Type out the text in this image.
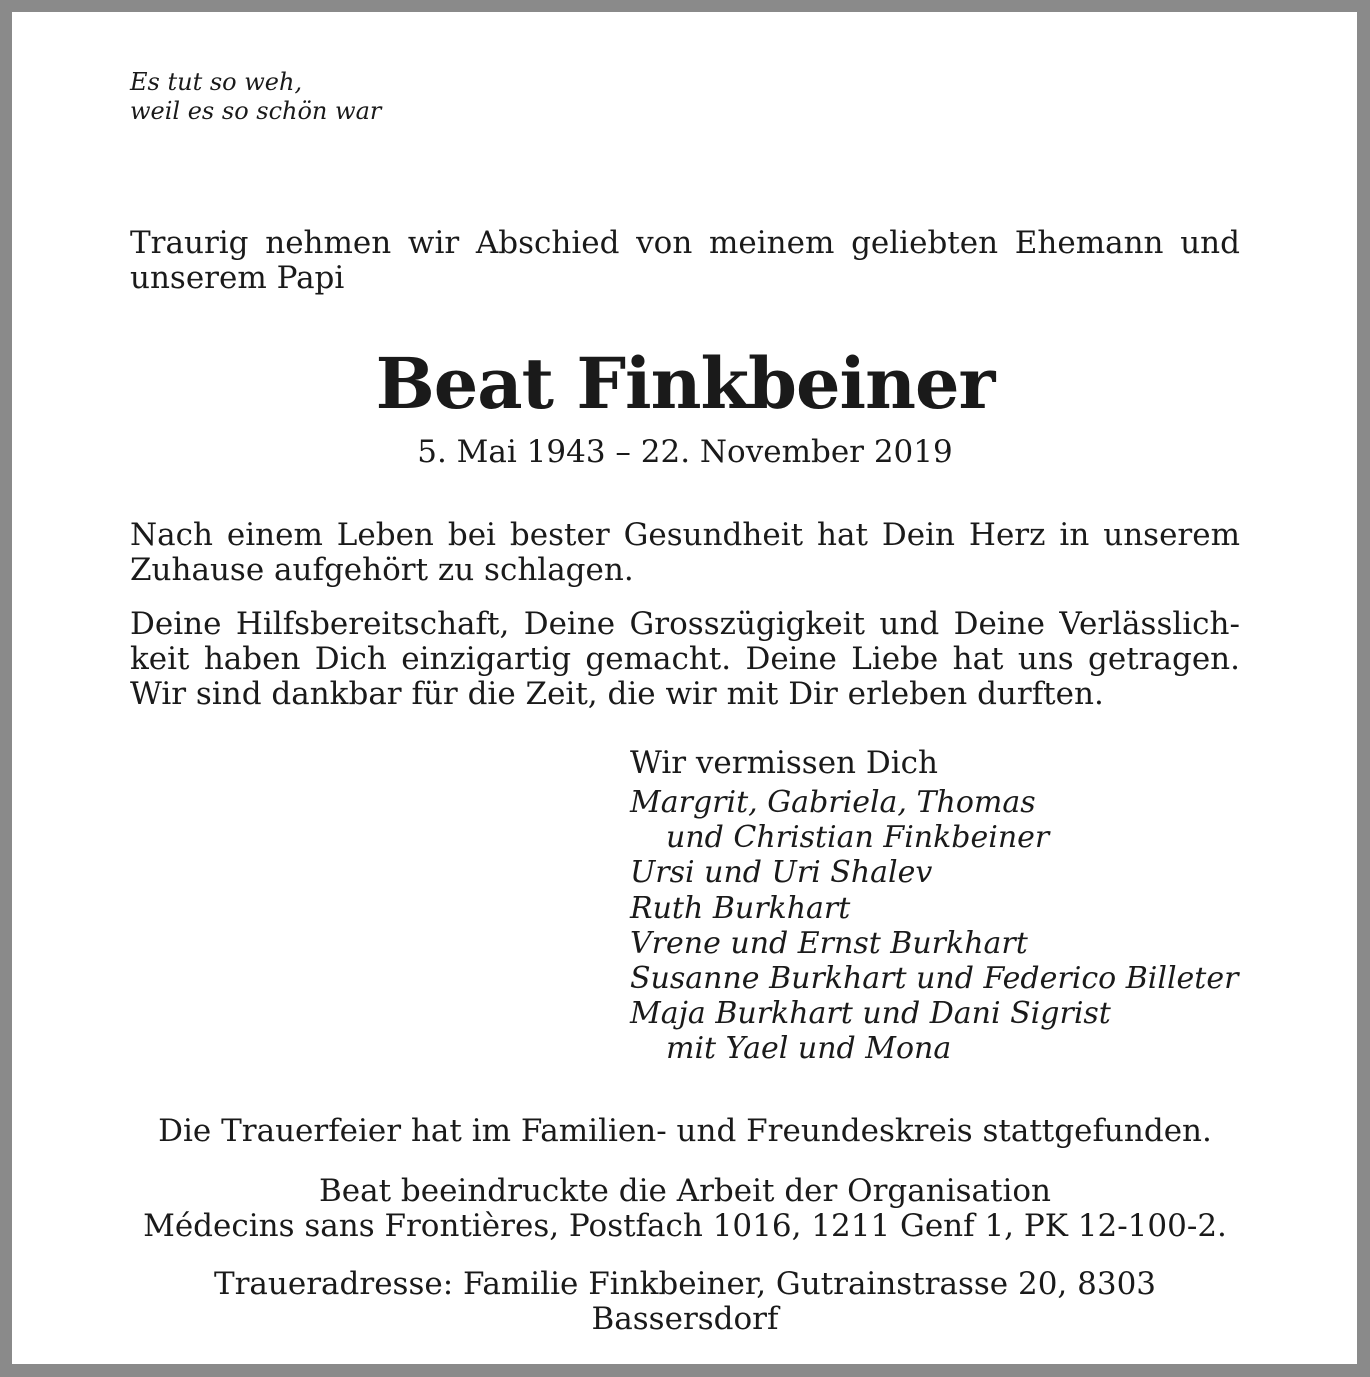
Es tut so weh,
weil es so schön war
Traurig nehmen wir Abschied von meinem geliebten Ehemann und unserem Papi
Beat Finkbeiner
5. Mai 1943 – 22. November 2019
Nach einem Leben bei bester Gesundheit hat Dein Herz in unserem Zuhause aufgehört zu schlagen.
Deine Hilfsbereitschaft, Deine Grosszügigkeit und Deine Verlässlichkeit haben Dich einzigartig gemacht. Deine Liebe hat uns getragen. Wir sind dankbar für die Zeit, die wir mit Dir erleben durften.
Wir vermissen Dich
Margrit, Gabriela, Thomas
und Christian Finkbeiner
Ursi und Uri Shalev
Ruth Burkhart
Vrene und Ernst Burkhart
Susanne Burkhart und Federico Billeter
Maja Burkhart und Dani Sigrist
mit Yael und Mona
Die Trauerfeier hat im Familien- und Freundeskreis stattgefunden.
Beat beeindruckte die Arbeit der Organisation
Médecins sans Frontières, Postfach 1016, 1211 Genf 1, PK 12-100-2.
Traueradresse: Familie Finkbeiner, Gutrainstrasse 20, 8303 Bassersdorf
